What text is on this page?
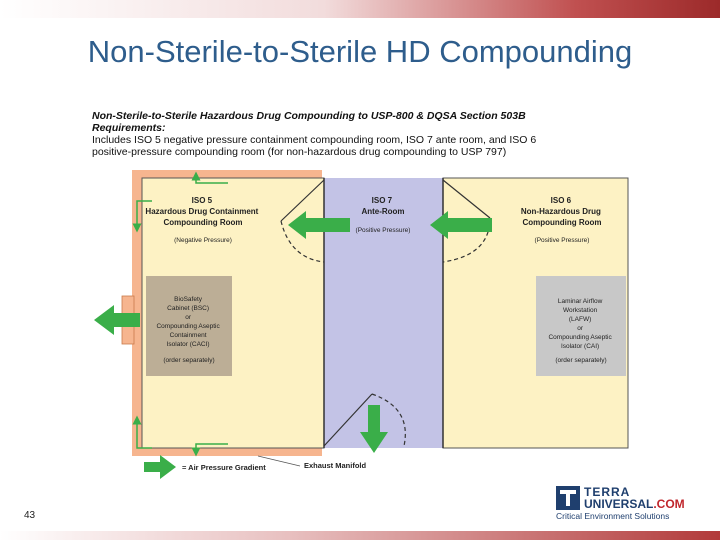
Non-Sterile-to-Sterile HD Compounding
Non-Sterile-to-Sterile Hazardous Drug Compounding to USP-800 & DQSA Section 503B
Requirements:
Includes ISO 5 negative pressure containment compounding room, ISO 7 ante room, and ISO 6
positive-pressure compounding room (for non-hazardous drug compounding to USP 797)
ISO 5 Hazardous Drug Containment Compounding Room
(Negative Pressure)
ISO 7 Ante-Room
(Positive Pressure)
ISO 6 Non-Hazardous Drug Compounding Room
(Positive Pressure)
BioSafety Cabinet (BSC) or Compounding Aseptic Containment Isolator (CACI) (order separately)
Laminar Airflow Workstation (LAFW) or Compounding Aseptic Isolator (CAI) (order separately)
= Air Pressure Gradient	Exhaust Manifold
43
TERRA
UNIVERSAL.COM
Critical Environment Solutions
